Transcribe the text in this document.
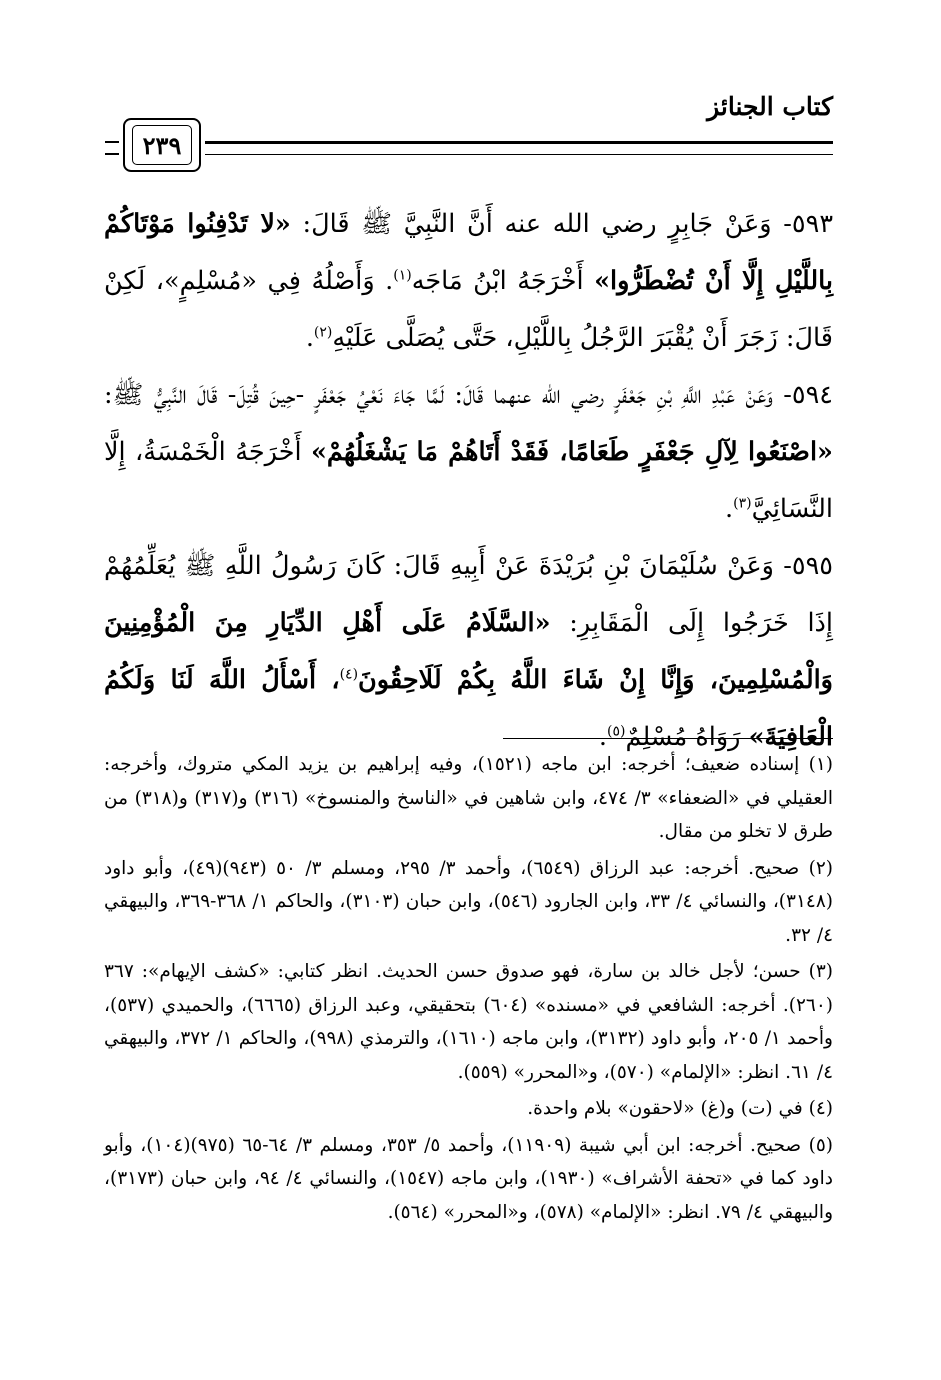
كتاب الجنائز
٢٣٩

٥٩٣- وَعَنْ جَابِرٍ رضي الله عنه أَنَّ النَّبِيَّ ﷺ قَالَ: «لا تَدْفِنُوا مَوْتَاكُمْ بِاللَّيْلِ إِلَّا أَنْ تُضْطَرُّوا» أَخْرَجَهُ ابْنُ مَاجَه$^{(١)}$. وَأَصْلُهُ فِي «مُسْلِمٍ»، لَكِنْ قَالَ: زَجَرَ أَنْ يُقْبَرَ الرَّجُلُ بِاللَّيْلِ، حَتَّى يُصَلَّى عَلَيْهِ$^{(٢)}$.

٥٩٤- وَعَنْ عَبْدِ اللَّهِ بْنِ جَعْفَرٍ رضي الله عنهما قَالَ: لَمَّا جَاءَ نَعْيُ جَعْفَرٍ -حِينَ قُتِلَ- قَالَ النَّبِيُّ ﷺ: «اصْنَعُوا لِآلِ جَعْفَرٍ طَعَامًا، فَقَدْ أَتَاهُمْ مَا يَشْغَلُهُمْ» أَخْرَجَهُ الْخَمْسَةُ، إِلَّا النَّسَائِيَّ$^{(٣)}$.

٥٩٥- وَعَنْ سُلَيْمَانَ بْنِ بُرَيْدَةَ عَنْ أَبِيهِ قَالَ: كَانَ رَسُولُ اللَّهِ ﷺ يُعَلِّمُهُمْ إِذَا خَرَجُوا إِلَى الْمَقَابِرِ: «السَّلَامُ عَلَى أَهْلِ الدِّيَارِ مِنَ الْمُؤْمِنِينَ وَالْمُسْلِمِينَ، وَإِنَّا إِنْ شَاءَ اللَّهُ بِكُمْ لَلَاحِقُونَ$^{(٤)}$، أَسْأَلُ اللَّهَ لَنَا وَلَكُمُ الْعَافِيَةَ» رَوَاهُ مُسْلِمٌ$^{(٥)}$.

(١) إسناده ضعيف؛ أخرجه: ابن ماجه (١٥٢١)، وفيه إبراهيم بن يزيد المكي متروك، وأخرجه: العقيلي في «الضعفاء» ٣/ ٤٧٤، وابن شاهين في «الناسخ والمنسوخ» (٣١٦) و(٣١٧) و(٣١٨) من طرق لا تخلو من مقال.

(٢) صحيح. أخرجه: عبد الرزاق (٦٥٤٩)، وأحمد ٣/ ٢٩٥، ومسلم ٣/ ٥٠ (٩٤٣)(٤٩)، وأبو داود (٣١٤٨)، والنسائي ٤/ ٣٣، وابن الجارود (٥٤٦)، وابن حبان (٣١٠٣)، والحاكم ١/ ٣٦٨-٣٦٩، والبيهقي ٤/ ٣٢.

(٣) حسن؛ لأجل خالد بن سارة، فهو صدوق حسن الحديث. انظر كتابي: «كشف الإيهام»: ٣٦٧ (٢٦٠). أخرجه: الشافعي في «مسنده» (٦٠٤) بتحقيقي، وعبد الرزاق (٦٦٦٥)، والحميدي (٥٣٧)، وأحمد ١/ ٢٠٥، وأبو داود (٣١٣٢)، وابن ماجه (١٦١٠)، والترمذي (٩٩٨)، والحاكم ١/ ٣٧٢، والبيهقي ٤/ ٦١. انظر: «الإلمام» (٥٧٠)، و«المحرر» (٥٥٩).

(٤) في (ت) و(غ) «لاحقون» بلام واحدة.

(٥) صحيح. أخرجه: ابن أبي شيبة (١١٩٠٩)، وأحمد ٥/ ٣٥٣، ومسلم ٣/ ٦٤-٦٥ (٩٧٥)(١٠٤)، وأبو داود كما في «تحفة الأشراف» (١٩٣٠)، وابن ماجه (١٥٤٧)، والنسائي ٤/ ٩٤، وابن حبان (٣١٧٣)، والبيهقي ٤/ ٧٩. انظر: «الإلمام» (٥٧٨)، و«المحرر» (٥٦٤).
